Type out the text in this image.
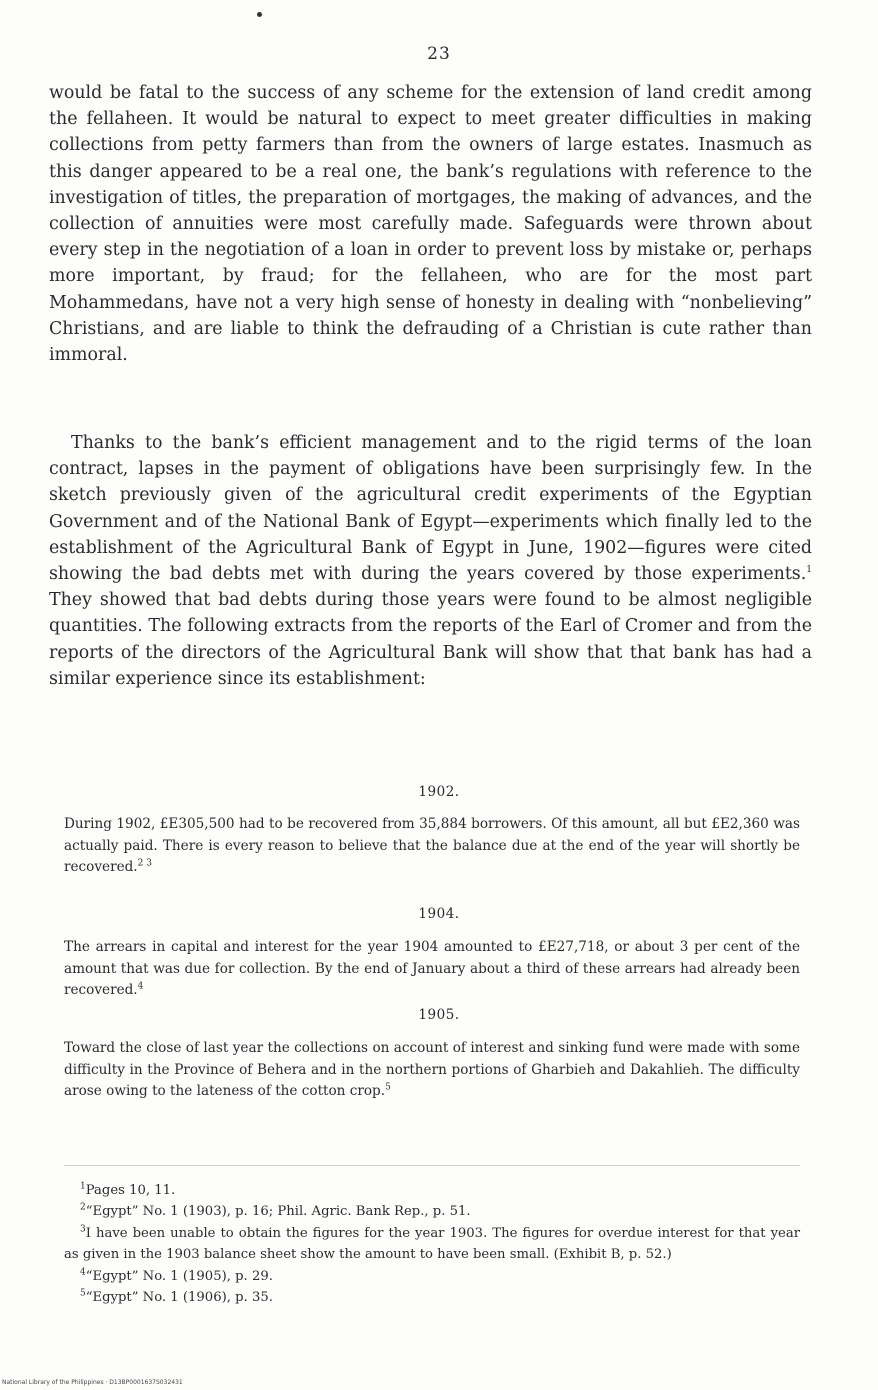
23

would be fatal to the success of any scheme for the extension of land credit among the fellaheen. It would be natural to expect to meet greater difficulties in making collections from petty farmers than from the owners of large estates. Inasmuch as this danger appeared to be a real one, the bank’s regulations with reference to the investigation of titles, the preparation of mortgages, the making of advances, and the collection of annuities were most carefully made. Safeguards were thrown about every step in the negotiation of a loan in order to prevent loss by mistake or, perhaps more important, by fraud; for the fellaheen, who are for the most part Mohammedans, have not a very high sense of honesty in dealing with “nonbelieving” Christians, and are liable to think the defrauding of a Christian is cute rather than immoral.

Thanks to the bank’s efficient management and to the rigid terms of the loan contract, lapses in the payment of obligations have been surprisingly few. In the sketch previously given of the agricultural credit experiments of the Egyptian Government and of the National Bank of Egypt—experiments which finally led to the establishment of the Agricultural Bank of Egypt in June, 1902—figures were cited showing the bad debts met with during the years covered by those experiments.$^1$ They showed that bad debts during those years were found to be almost negligible quantities. The following extracts from the reports of the Earl of Cromer and from the reports of the directors of the Agricultural Bank will show that that bank has had a similar experience since its establishment:

1902.

During 1902, £E305,500 had to be recovered from 35,884 borrowers. Of this amount, all but £E2,360 was actually paid. There is every reason to believe that the balance due at the end of the year will shortly be recovered.$^{2 3}$

1904.

The arrears in capital and interest for the year 1904 amounted to £E27,718, or about 3 per cent of the amount that was due for collection. By the end of January about a third of these arrears had already been recovered.$^4$

1905.

Toward the close of last year the collections on account of interest and sinking fund were made with some difficulty in the Province of Behera and in the northern portions of Gharbieh and Dakahlieh. The difficulty arose owing to the lateness of the cotton crop.$^5$

$^1$Pages 10, 11.
$^2$“Egypt” No. 1 (1903), p. 16; Phil. Agric. Bank Rep., p. 51.
$^3$I have been unable to obtain the figures for the year 1903. The figures for overdue interest for that year as given in the 1903 balance sheet show the amount to have been small. (Exhibit B, p. 52.)
$^4$“Egypt” No. 1 (1905), p. 29.
$^5$“Egypt” No. 1 (1906), p. 35.
National Library of the Philippines · D13BP0001637S032431
